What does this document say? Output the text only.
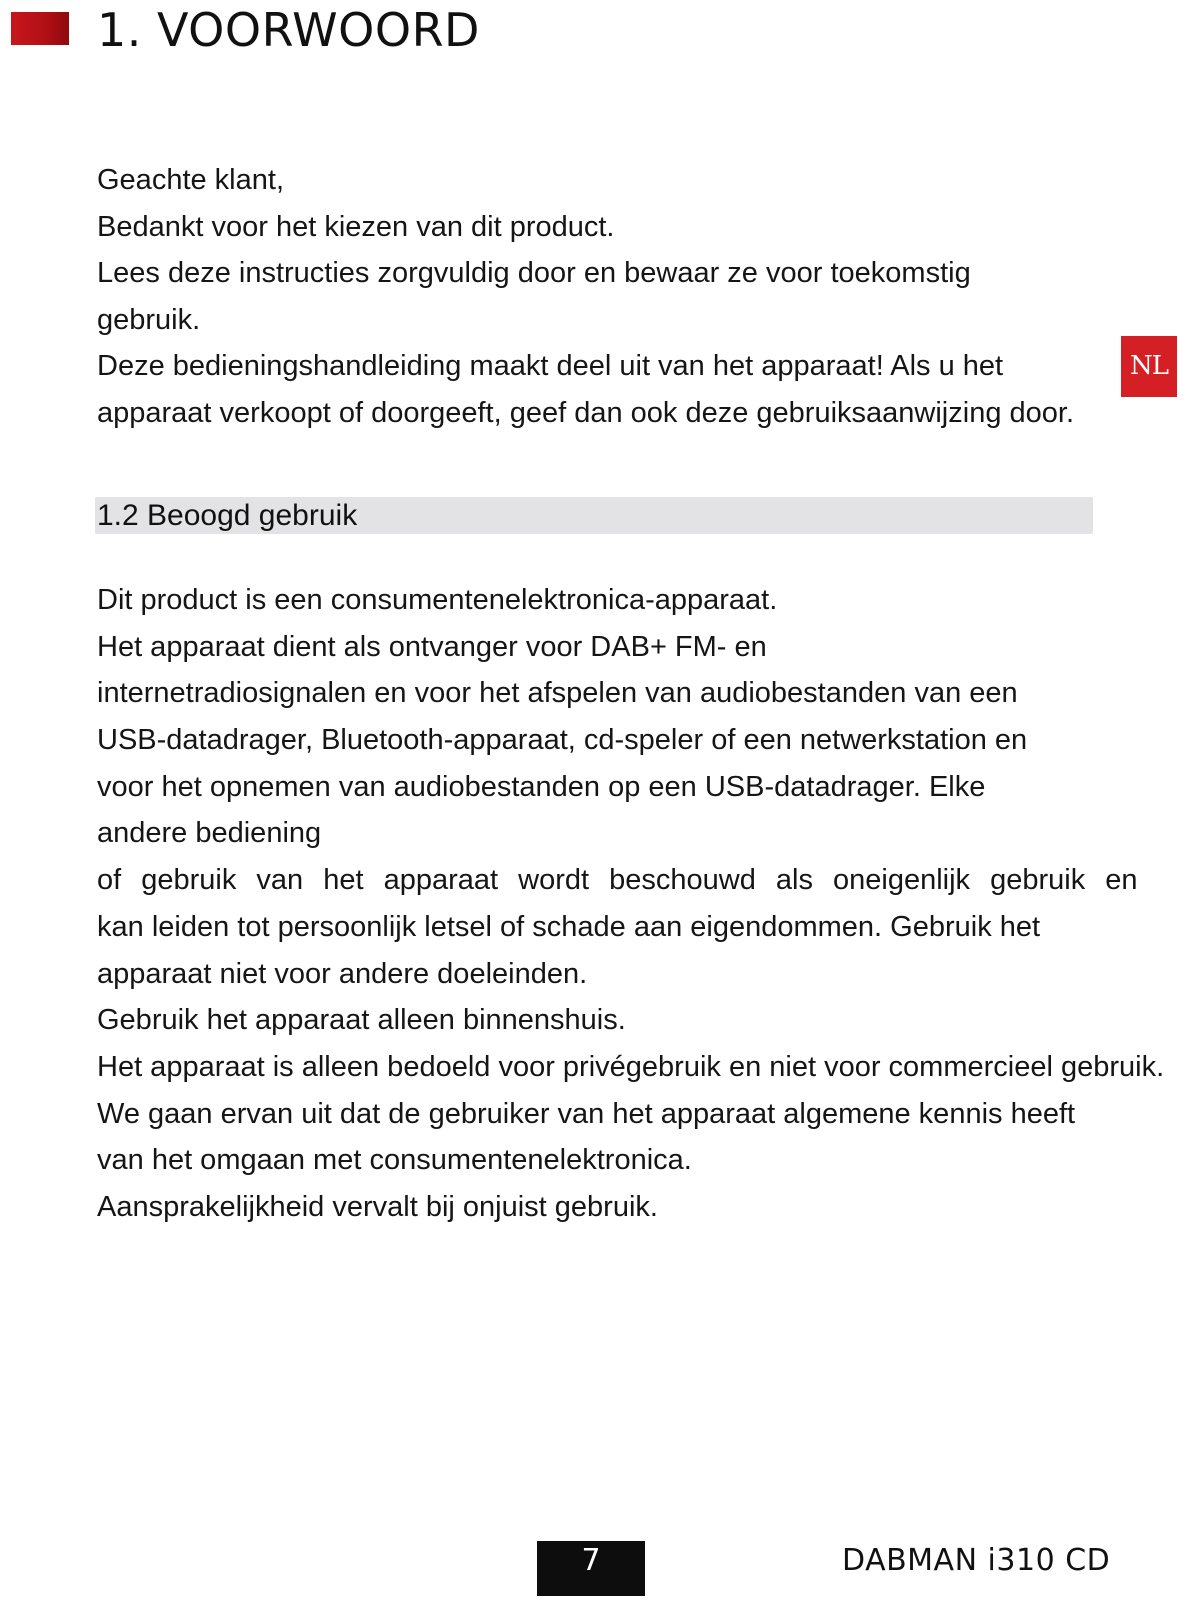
1. VOORWOORD
NL
Geachte klant,
Bedankt voor het kiezen van dit product.
Lees deze instructies zorgvuldig door en bewaar ze voor toekomstig
gebruik.
Deze bedieningshandleiding maakt deel uit van het apparaat! Als u het
apparaat verkoopt of doorgeeft, geef dan ook deze gebruiksaanwijzing door.
1.2 Beoogd gebruik
Dit product is een consumentenelektronica-apparaat.
Het apparaat dient als ontvanger voor DAB+ FM- en
internetradiosignalen en voor het afspelen van audiobestanden van een
USB-datadrager, Bluetooth-apparaat, cd-speler of een netwerkstation en
voor het opnemen van audiobestanden op een USB-datadrager. Elke
andere bediening
of gebruik van het apparaat wordt beschouwd als oneigenlijk gebruik en
kan leiden tot persoonlijk letsel of schade aan eigendommen. Gebruik het
apparaat niet voor andere doeleinden.
Gebruik het apparaat alleen binnenshuis.
Het apparaat is alleen bedoeld voor privégebruik en niet voor commercieel gebruik.
We gaan ervan uit dat de gebruiker van het apparaat algemene kennis heeft
van het omgaan met consumentenelektronica.
Aansprakelijkheid vervalt bij onjuist gebruik.
7	DABMAN i310 CD
